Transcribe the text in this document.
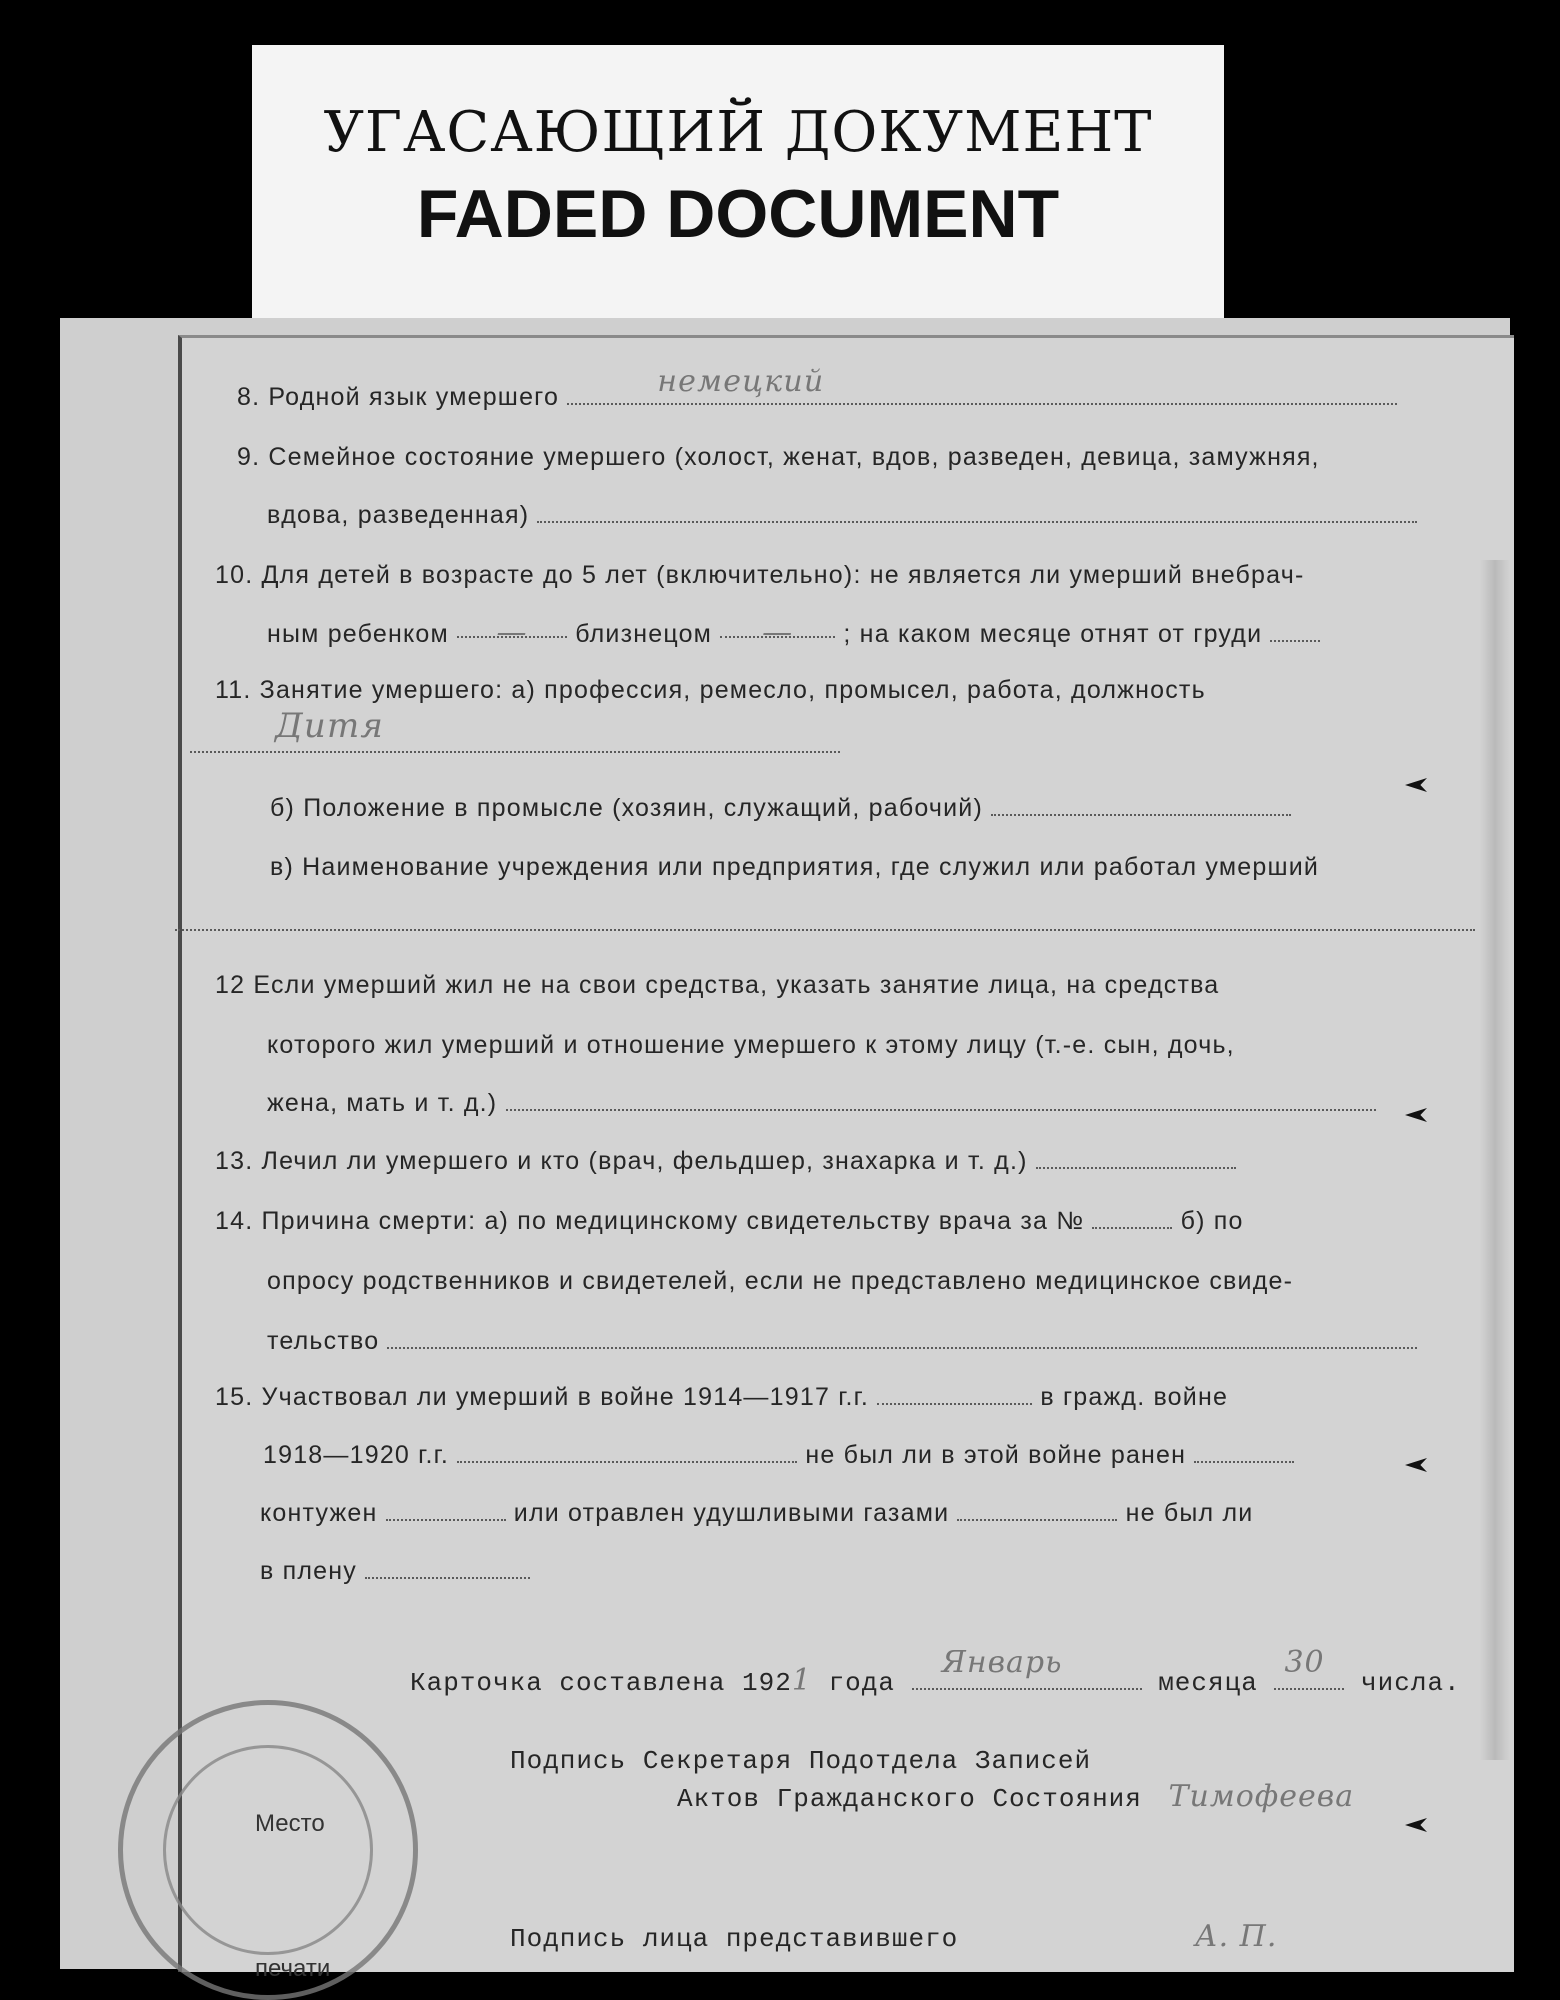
УГАСАЮЩИЙ ДОКУМЕНТ
FADED DOCUMENT
8. Родной язык умершего	немецкий
9. Семейное состояние умершего (холост, женат, вдов, разведен, девица, замужняя,
вдова, разведенная)
10. Для детей в возрасте до 5 лет (включительно): не является ли умерший внебрач-
ным ребенком — близнецом — ; на каком месяце отнят от груди
11. Занятие умершего: а) профессия, ремесло, промысел, работа, должность
Дитя
б) Положение в промысле (хозяин, служащий, рабочий)
в) Наименование учреждения или предприятия, где служил или работал умерший
12 Если умерший жил не на свои средства, указать занятие лица, на средства
которого жил умерший и отношение умершего к этому лицу (т.-е. сын, дочь,
жена, мать и т. д.)
13. Лечил ли умершего и кто (врач, фельдшер, знахарка и т. д.)
14. Причина смерти: а) по медицинскому свидетельству врача за №	б) по
опросу родственников и свидетелей, если не представлено медицинское свиде-
тельство
15. Участвовал ли умерший в войне 1914—1917 г.г.	в гражд. войне
1918—1920 г.г.	не был ли в этой войне ранен
контужен	или отравлен удушливыми газами	не был ли
в плену
Карточка составлена 1921 года
Январь
месяца
30
числа.
Подпись Секретаря Подотдела Записей
Актов Гражданского Состояния Тимофеева
Подпись лица представившего	А. П.
Место
печати
